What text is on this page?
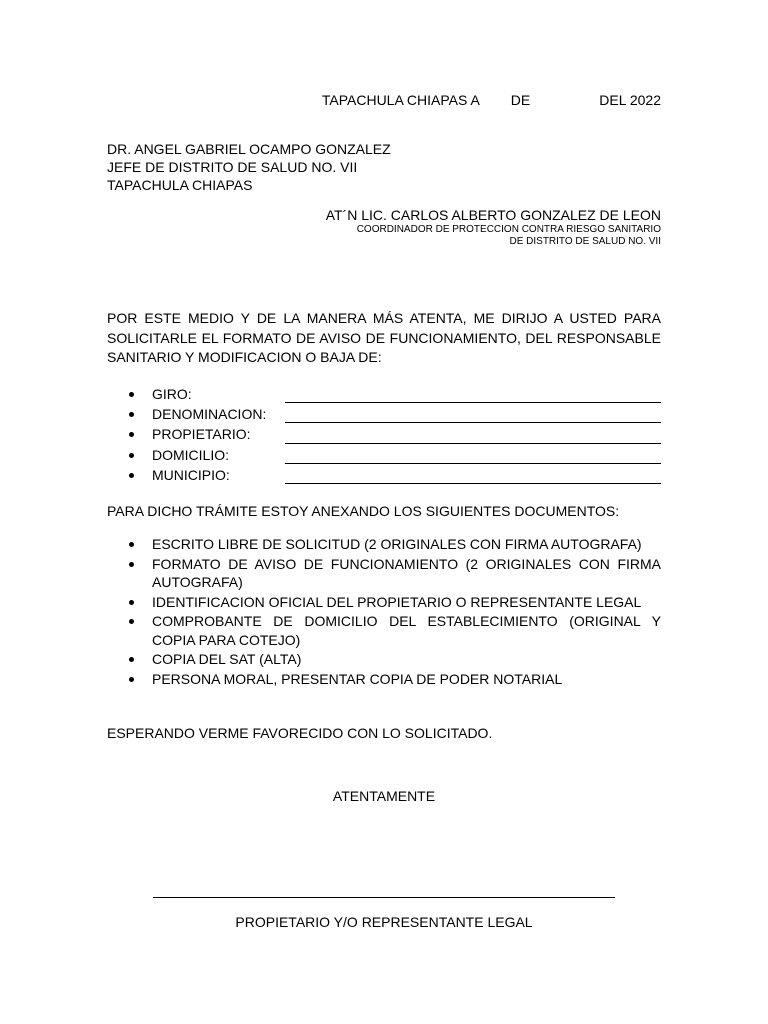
TAPACHULA CHIAPAS A DE	DEL 2022
DR. ANGEL GABRIEL OCAMPO GONZALEZ
JEFE DE DISTRITO DE SALUD NO. VII
TAPACHULA CHIAPAS
AT´N LIC. CARLOS ALBERTO GONZALEZ DE LEON
COORDINADOR DE PROTECCION CONTRA RIESGO SANITARIO
DE DISTRITO DE SALUD NO. VII
POR ESTE MEDIO Y DE LA MANERA MÁS ATENTA, ME DIRIJO A USTED PARA SOLICITARLE EL FORMATO DE AVISO DE FUNCIONAMIENTO, DEL RESPONSABLE SANITARIO Y MODIFICACION O BAJA DE:
GIRO:
DENOMINACION:
PROPIETARIO:
DOMICILIO:
MUNICIPIO:
PARA DICHO TRÁMITE ESTOY ANEXANDO LOS SIGUIENTES DOCUMENTOS:
ESCRITO LIBRE DE SOLICITUD (2 ORIGINALES CON FIRMA AUTOGRAFA)
FORMATO DE AVISO DE FUNCIONAMIENTO (2 ORIGINALES CON FIRMA AUTOGRAFA)
IDENTIFICACION OFICIAL DEL PROPIETARIO O REPRESENTANTE LEGAL
COMPROBANTE DE DOMICILIO DEL ESTABLECIMIENTO (ORIGINAL Y COPIA PARA COTEJO)
COPIA DEL SAT (ALTA)
PERSONA MORAL, PRESENTAR COPIA DE PODER NOTARIAL
ESPERANDO VERME FAVORECIDO CON LO SOLICITADO.
ATENTAMENTE
PROPIETARIO Y/O REPRESENTANTE LEGAL
